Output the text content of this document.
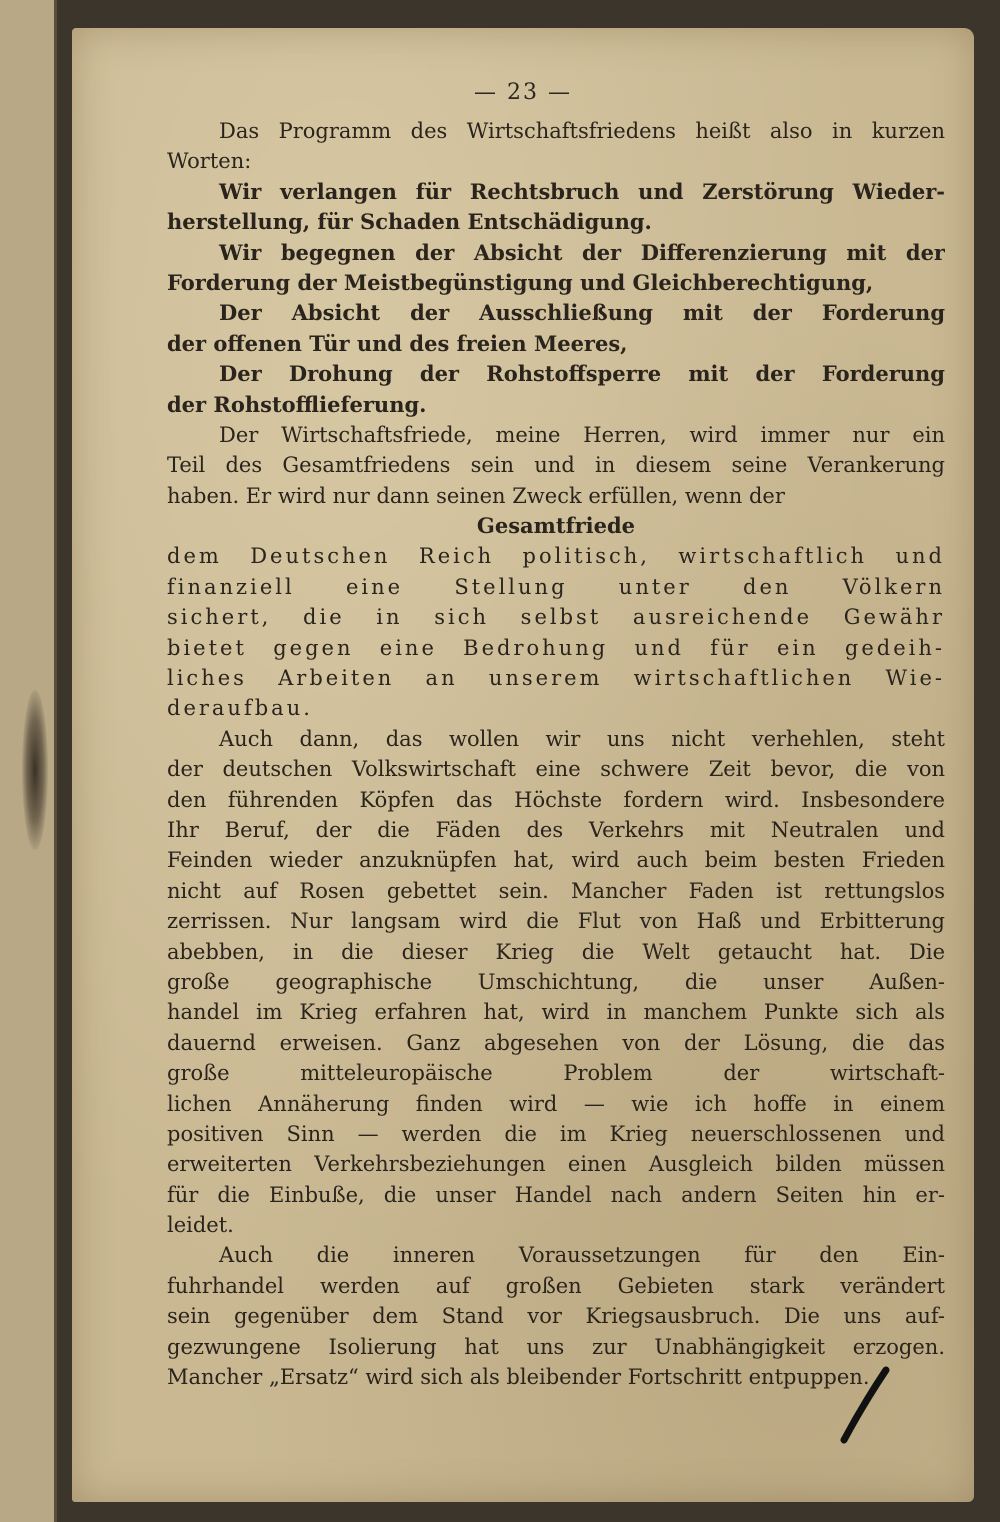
— 23 —
Das Programm des Wirtschaftsfriedens heißt also in kurzen
Worten:
Wir verlangen für Rechtsbruch und Zerstörung Wieder-
herstellung, für Schaden Entschädigung.
Wir begegnen der Absicht der Differenzierung mit der
Forderung der Meistbegünstigung und Gleichberechtigung,
Der Absicht der Ausschließung mit der Forderung
der offenen Tür und des freien Meeres,
Der Drohung der Rohstoffsperre mit der Forderung
der Rohstofflieferung.
Der Wirtschaftsfriede, meine Herren, wird immer nur ein
Teil des Gesamtfriedens sein und in diesem seine Verankerung
haben. Er wird nur dann seinen Zweck erfüllen, wenn der
Gesamtfriede
dem Deutschen Reich politisch, wirtschaftlich und
finanziell eine Stellung unter den Völkern
sichert, die in sich selbst ausreichende Gewähr
bietet gegen eine Bedrohung und für ein gedeih-
liches Arbeiten an unserem wirtschaftlichen Wie-
deraufbau.
Auch dann, das wollen wir uns nicht verhehlen, steht
der deutschen Volkswirtschaft eine schwere Zeit bevor, die von
den führenden Köpfen das Höchste fordern wird. Insbesondere
Ihr Beruf, der die Fäden des Verkehrs mit Neutralen und
Feinden wieder anzuknüpfen hat, wird auch beim besten Frieden
nicht auf Rosen gebettet sein. Mancher Faden ist rettungslos
zerrissen. Nur langsam wird die Flut von Haß und Erbitterung
abebben, in die dieser Krieg die Welt getaucht hat. Die
große geographische Umschichtung, die unser Außen-
handel im Krieg erfahren hat, wird in manchem Punkte sich als
dauernd erweisen. Ganz abgesehen von der Lösung, die das
große mitteleuropäische Problem der wirtschaft-
lichen Annäherung finden wird — wie ich hoffe in einem
positiven Sinn — werden die im Krieg neuerschlossenen und
erweiterten Verkehrsbeziehungen einen Ausgleich bilden müssen
für die Einbuße, die unser Handel nach andern Seiten hin er-
leidet.
Auch die inneren Voraussetzungen für den Ein-
fuhrhandel werden auf großen Gebieten stark verändert
sein gegenüber dem Stand vor Kriegsausbruch. Die uns auf-
gezwungene Isolierung hat uns zur Unabhängigkeit erzogen.
Mancher „Ersatz“ wird sich als bleibender Fortschritt entpuppen.
